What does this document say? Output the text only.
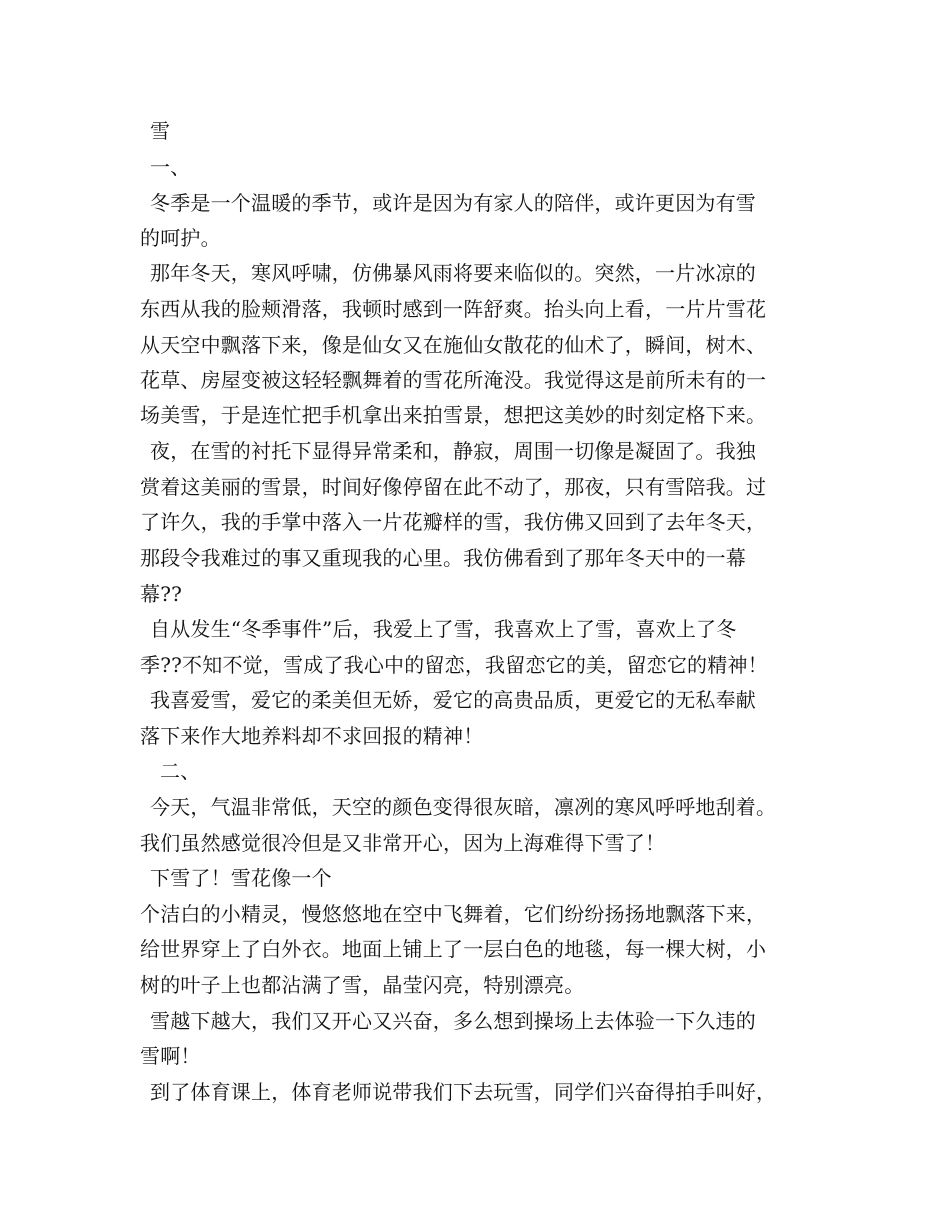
雪
一、
冬季是一个温暖的季节，或许是因为有家人的陪伴，或许更因为有雪
的呵护。
那年冬天，寒风呼啸，仿佛暴风雨将要来临似的。突然，一片冰凉的
东西从我的脸颊滑落，我顿时感到一阵舒爽。抬头向上看，一片片雪花
从天空中飘落下来，像是仙女又在施仙女散花的仙术了，瞬间，树木、
花草、房屋变被这轻轻飘舞着的雪花所淹没。我觉得这是前所未有的一
场美雪，于是连忙把手机拿出来拍雪景，想把这美妙的时刻定格下来。
夜，在雪的衬托下显得异常柔和，静寂，周围一切像是凝固了。我独
赏着这美丽的雪景，时间好像停留在此不动了，那夜，只有雪陪我。过
了许久，我的手掌中落入一片花瓣样的雪，我仿佛又回到了去年冬天，
那段令我难过的事又重现我的心里。我仿佛看到了那年冬天中的一幕
幕??
自从发生“冬季事件”后，我爱上了雪，我喜欢上了雪，喜欢上了冬
季??不知不觉，雪成了我心中的留恋，我留恋它的美，留恋它的精神！
我喜爱雪，爱它的柔美但无娇，爱它的高贵品质，更爱它的无私奉献
落下来作大地养料却不求回报的精神！
二、
今天，气温非常低，天空的颜色变得很灰暗，凛冽的寒风呼呼地刮着。
我们虽然感觉很冷但是又非常开心，因为上海难得下雪了！
下雪了！雪花像一个
个洁白的小精灵，慢悠悠地在空中飞舞着，它们纷纷扬扬地飘落下来，
给世界穿上了白外衣。地面上铺上了一层白色的地毯，每一棵大树，小
树的叶子上也都沾满了雪，晶莹闪亮，特别漂亮。
雪越下越大，我们又开心又兴奋，多么想到操场上去体验一下久违的
雪啊！
到了体育课上，体育老师说带我们下去玩雪，同学们兴奋得拍手叫好，
